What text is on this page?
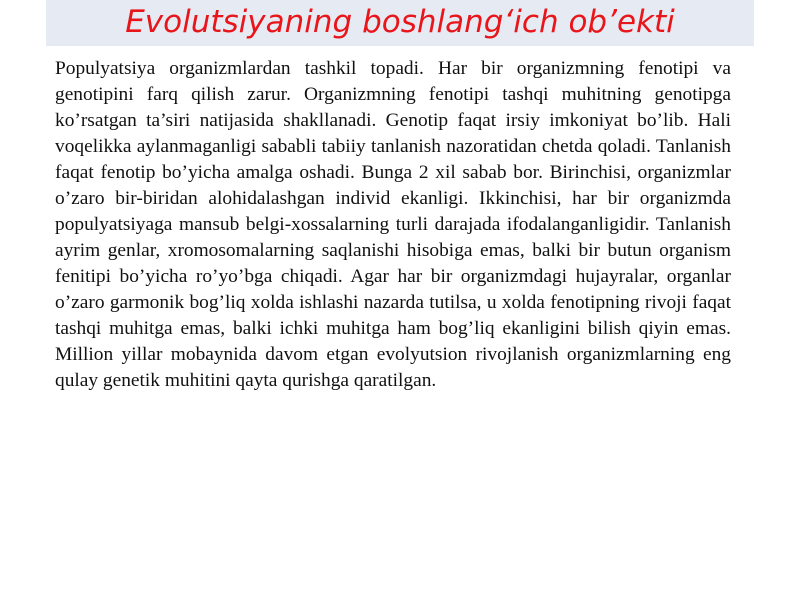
Evolutsiyaning boshlang‘ich ob’ekti

Populyatsiya organizmlardan tashkil topadi. Har bir organizmning fenotipi va genotipini farq qilish zarur. Organizmning fenotipi tashqi muhitning genotipga ko’rsatgan ta’siri natijasida shakllanadi. Genotip faqat irsiy imkoniyat bo’lib. Hali voqelikka aylanmaganligi sababli tabiiy tanlanish nazoratidan chetda qoladi. Tanlanish faqat fenotip bo’yicha amalga oshadi. Bunga 2 xil sabab bor. Birinchisi, organizmlar o’zaro bir-biridan alohidalashgan individ ekanligi. Ikkinchisi, har bir organizmda populyatsiyaga mansub belgi-xossalarning turli darajada ifodalanganligidir. Tanlanish ayrim genlar, xromosomalarning saqlanishi hisobiga emas, balki bir butun organism fenitipi bo’yicha ro’yo’bga chiqadi. Agar har bir organizmdagi hujayralar, organlar o’zaro garmonik bog’liq xolda ishlashi nazarda tutilsa, u xolda fenotipning rivoji faqat tashqi muhitga emas, balki ichki muhitga ham bog’liq ekanligini bilish qiyin emas. Million yillar mobaynida davom etgan evolyutsion rivojlanish organizmlarning eng qulay genetik muhitini qayta qurishga qaratilgan.
